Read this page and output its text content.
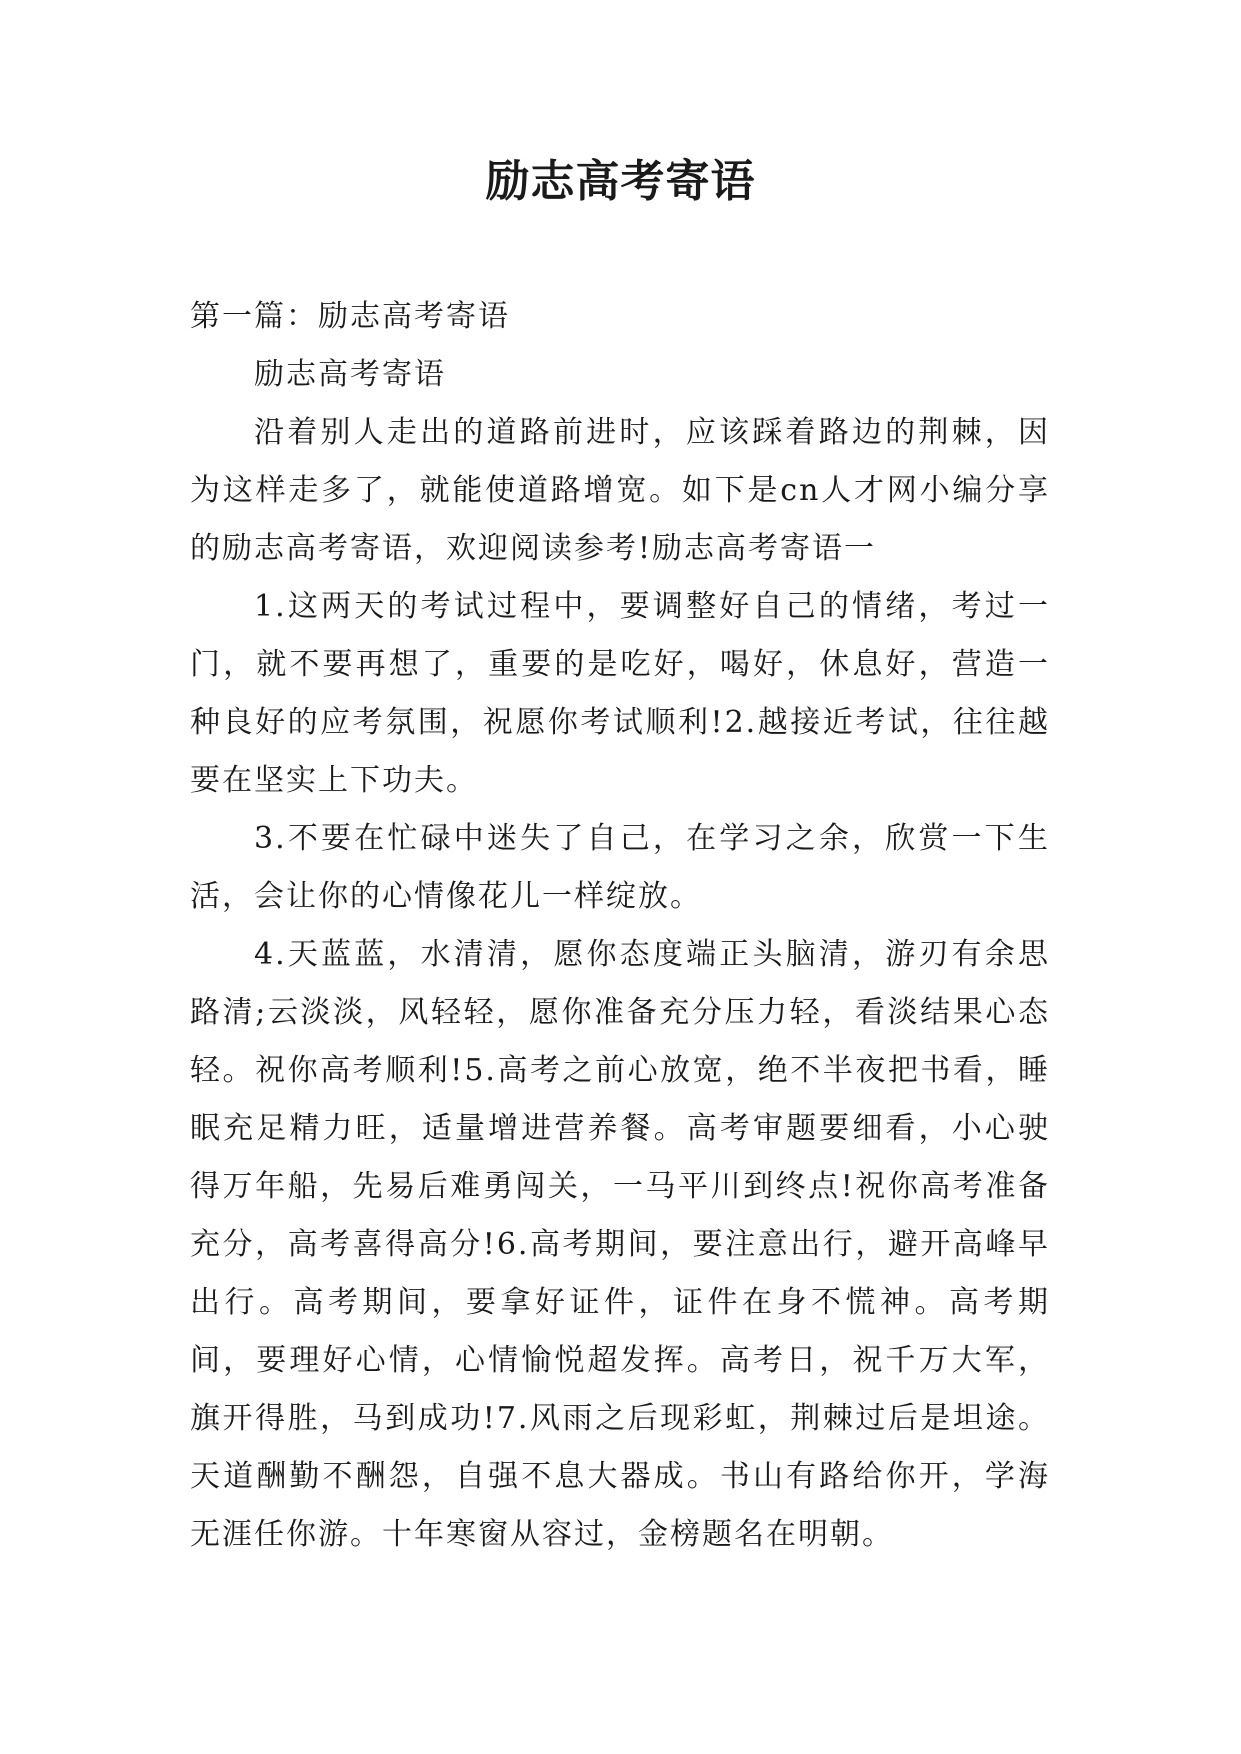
励志高考寄语

第一篇：励志高考寄语

励志高考寄语

沿着别人走出的道路前进时，应该踩着路边的荆棘，因为这样走多了，就能使道路增宽。如下是cn人才网小编分享的励志高考寄语，欢迎阅读参考!励志高考寄语一

1.这两天的考试过程中，要调整好自己的情绪，考过一门，就不要再想了，重要的是吃好，喝好，休息好，营造一种良好的应考氛围，祝愿你考试顺利!2.越接近考试，往往越要在坚实上下功夫。

3.不要在忙碌中迷失了自己，在学习之余，欣赏一下生活，会让你的心情像花儿一样绽放。

4.天蓝蓝，水清清，愿你态度端正头脑清，游刃有余思路清;云淡淡，风轻轻，愿你准备充分压力轻，看淡结果心态轻。祝你高考顺利!5.高考之前心放宽，绝不半夜把书看，睡眠充足精力旺，适量增进营养餐。高考审题要细看，小心驶得万年船，先易后难勇闯关，一马平川到终点!祝你高考准备充分，高考喜得高分!6.高考期间，要注意出行，避开高峰早出行。高考期间，要拿好证件，证件在身不慌神。高考期间，要理好心情，心情愉悦超发挥。高考日，祝千万大军，旗开得胜，马到成功!7.风雨之后现彩虹，荆棘过后是坦途。天道酬勤不酬怨，自强不息大器成。书山有路给你开，学海无涯任你游。十年寒窗从容过，金榜题名在明朝。
